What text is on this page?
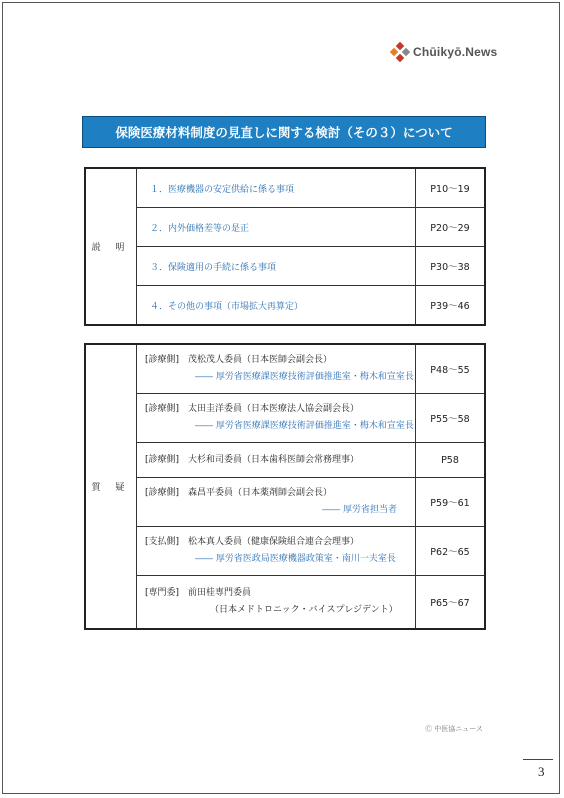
Chūikyō.News
保険医療材料制度の見直しに関する検討（その３）について
説 明	１．医療機器の安定供給に係る事項	P10～19
	２．内外価格差等の是正	P20～29
	３．保険適用の手続に係る事項	P30～38
	４．その他の事項（市場拡大再算定）	P39～46
質 疑	[診療側]　茂松茂人委員（日本医師会副会長）
―― 厚労省医療課医療技術評価推進室・梅木和宣室長	P48～55
	[診療側]　太田圭洋委員（日本医療法人協会副会長）
―― 厚労省医療課医療技術評価推進室・梅木和宣室長	P55～58
	[診療側]　大杉和司委員（日本歯科医師会常務理事）	P58
	[診療側]　森昌平委員（日本薬剤師会副会長）
―― 厚労省担当者	P59～61
	[支払側]　松本真人委員（健康保険組合連合会理事）
―― 厚労省医政局医療機器政策室・南川一夫室長	P62～65
	[専門委]　前田桂専門委員
（日本メドトロニック・バイスプレジデント）	P65～67
Ⓒ 中医協ニュース
3
